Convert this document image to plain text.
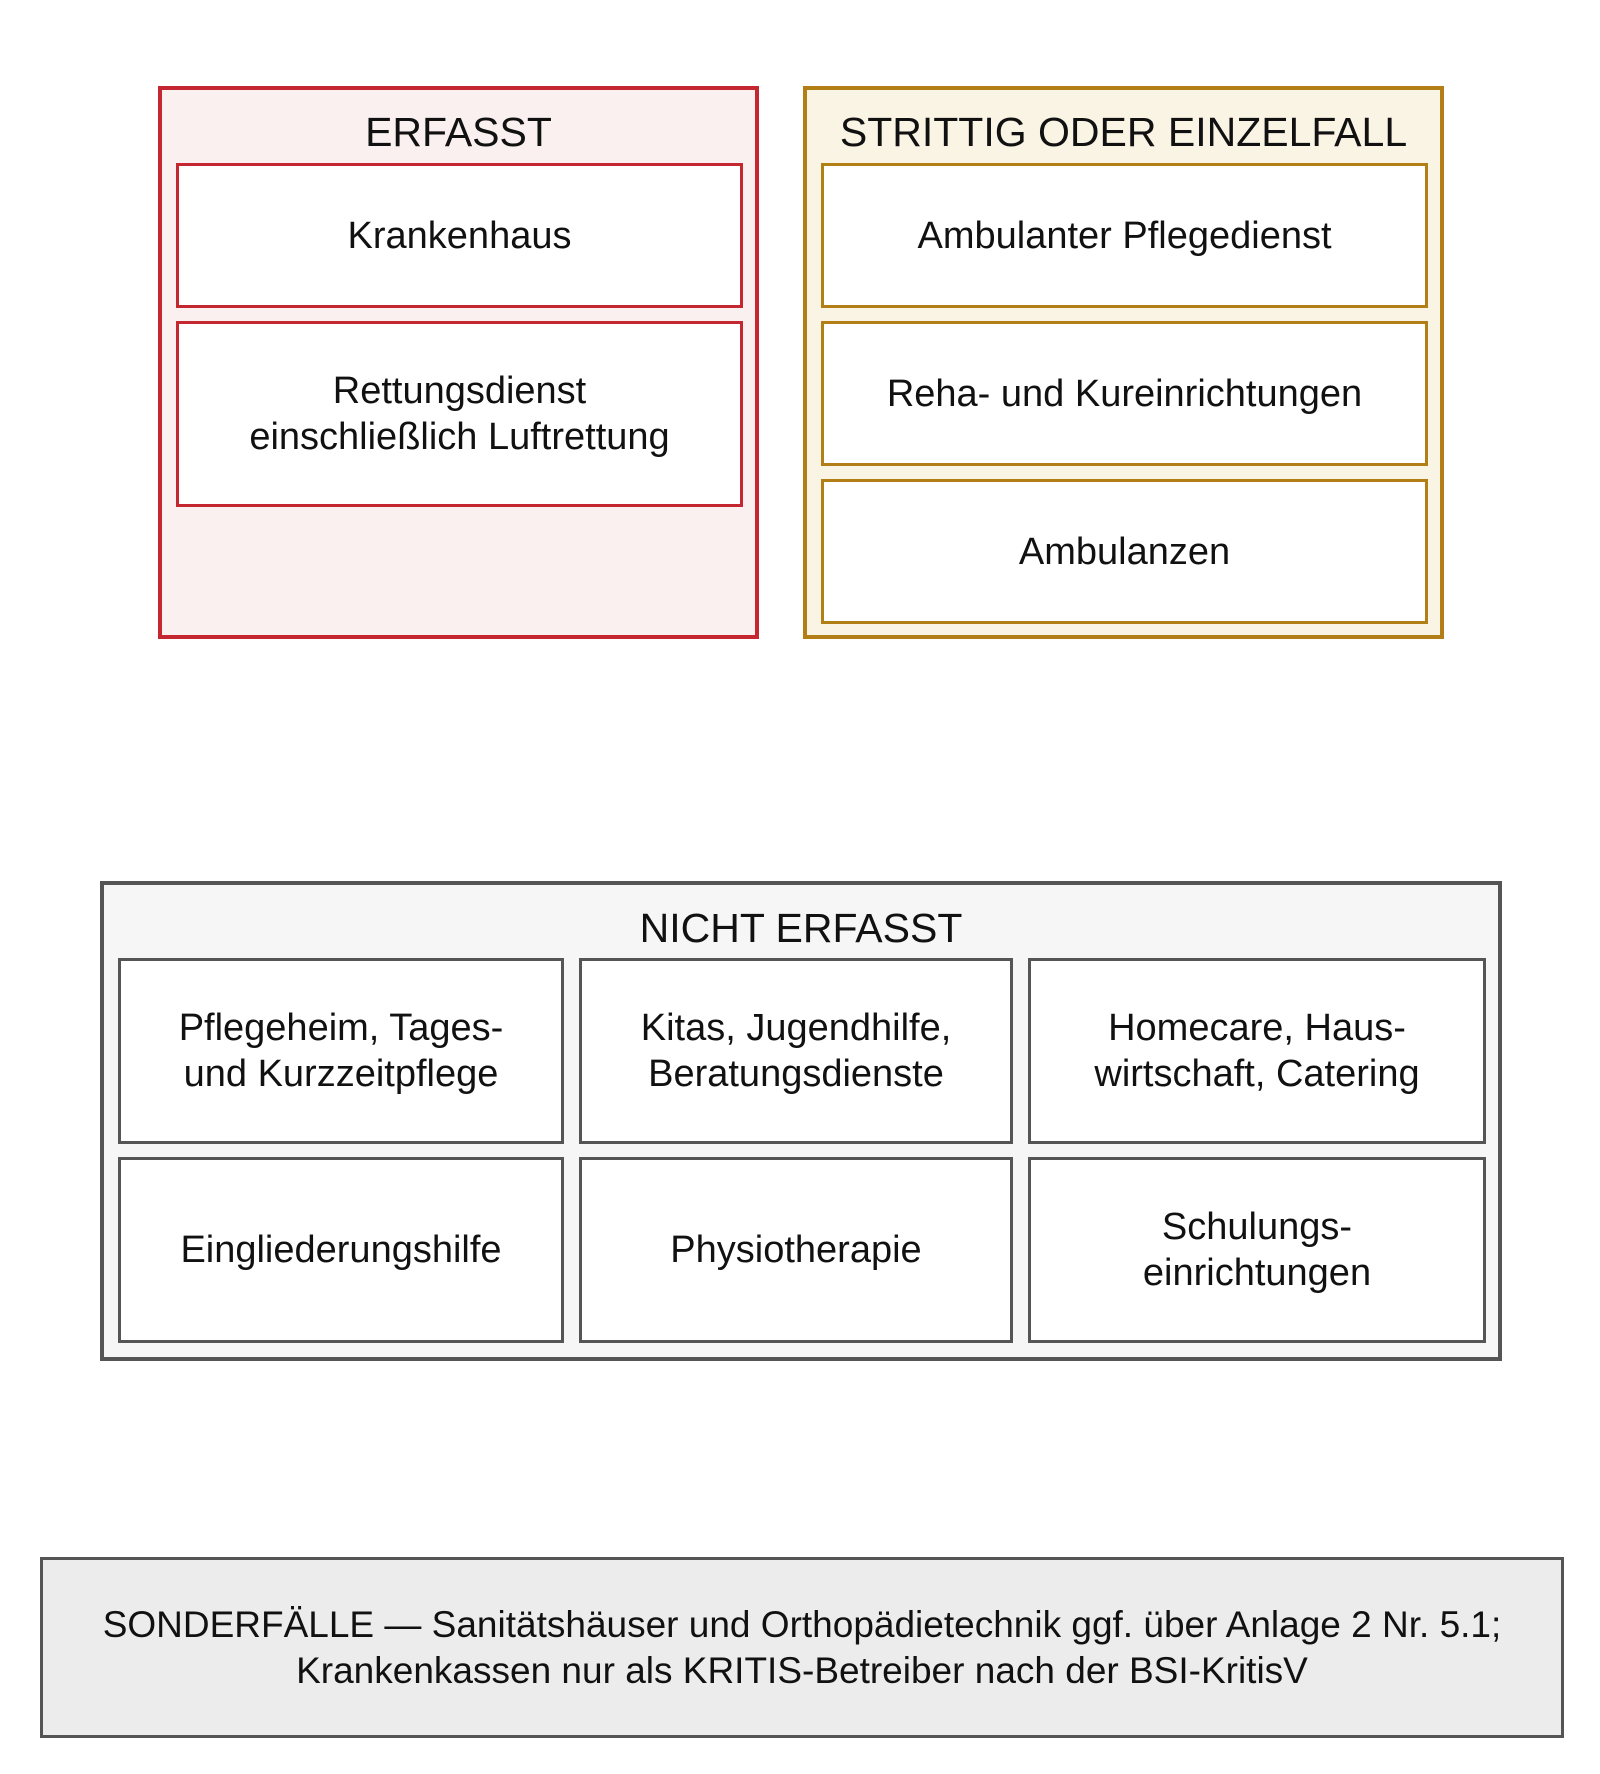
ERFASST
Krankenhaus
Rettungsdienst
einschließlich Luftrettung
STRITTIG ODER EINZELFALL
Ambulanter Pflegedienst
Reha- und Kureinrichtungen
Ambulanzen
NICHT ERFASST
Pflegeheim, Tages-
und Kurzzeitpflege
Kitas, Jugendhilfe,
Beratungsdienste
Homecare, Haus-
wirtschaft, Catering
Eingliederungshilfe	Physiotherapie
Schulungs-
einrichtungen
SONDERFÄLLE — Sanitätshäuser und Orthopädietechnik ggf. über Anlage 2 Nr. 5.1;
Krankenkassen nur als KRITIS-Betreiber nach der BSI-KritisV
